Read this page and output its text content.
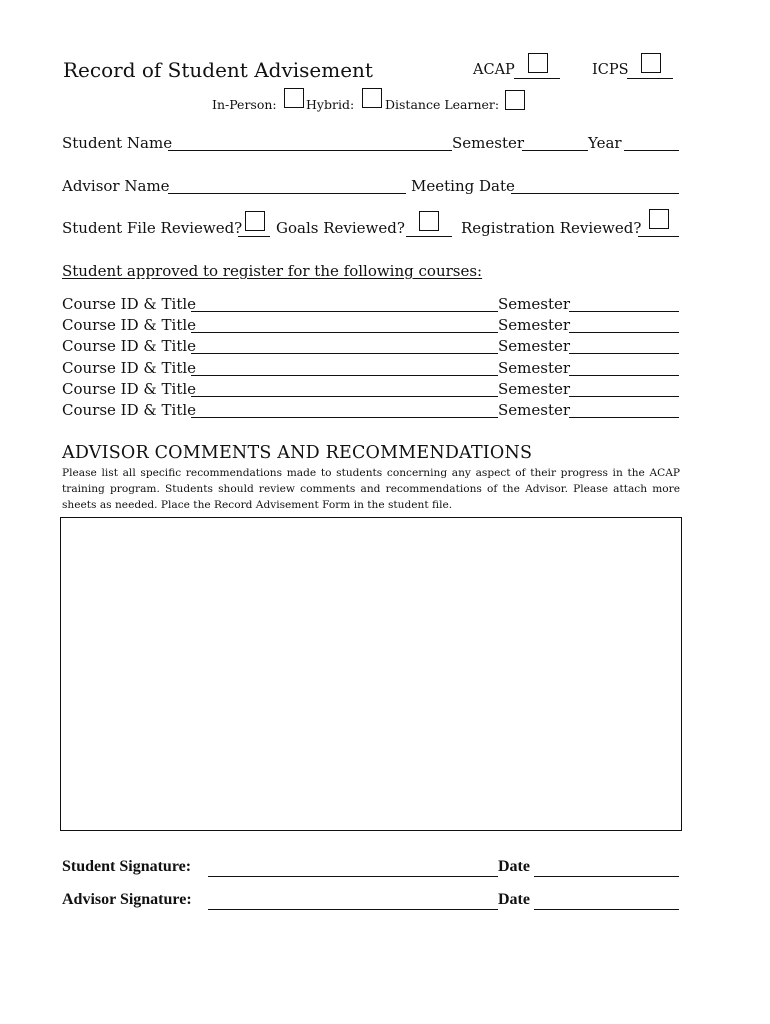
Record of Student Advisement	ACAP	ICPS
In-Person: Hybrid: Distance Learner:
Student Name	Semester	Year
Advisor Name	Meeting Date
Student File Reviewed? Goals Reviewed?	Registration Reviewed?
Student approved to register for the following courses:
Course ID & Title	Semester
Course ID & Title	Semester
Course ID & Title	Semester
Course ID & Title	Semester
Course ID & Title	Semester
Course ID & Title	Semester
ADVISOR COMMENTS AND RECOMMENDATIONS
Please list all specific recommendations made to students concerning any aspect of their progress in the ACAP training program. Students should review comments and recommendations of the Advisor. Please attach more sheets as needed. Place the Record Advisement Form in the student file.
Student Signature:	Date
Advisor Signature:	Date
